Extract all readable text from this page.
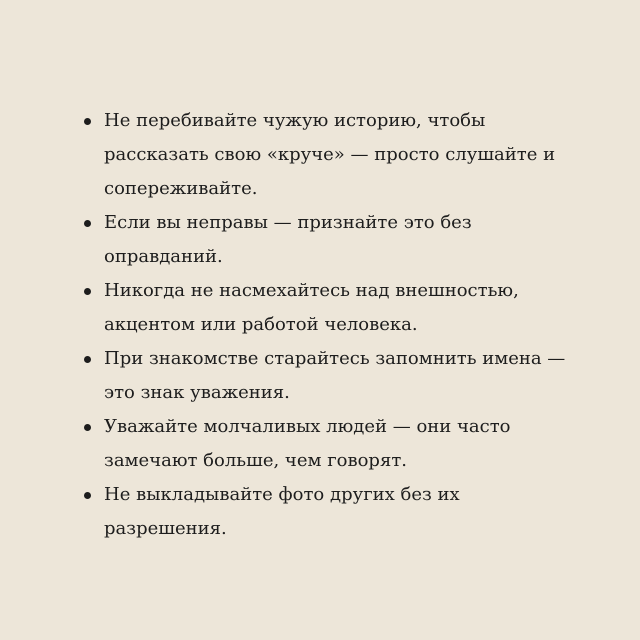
Не перебивайте чужую историю, чтобы рассказать свою «круче» — просто слушайте и сопереживайте.
Если вы неправы — признайте это без оправданий.
Никогда не насмехайтесь над внешностью, акцентом или работой человека.
При знакомстве старайтесь запомнить имена — это знак уважения.
Уважайте молчаливых людей — они часто замечают больше, чем говорят.
Не выкладывайте фото других без их разрешения.
